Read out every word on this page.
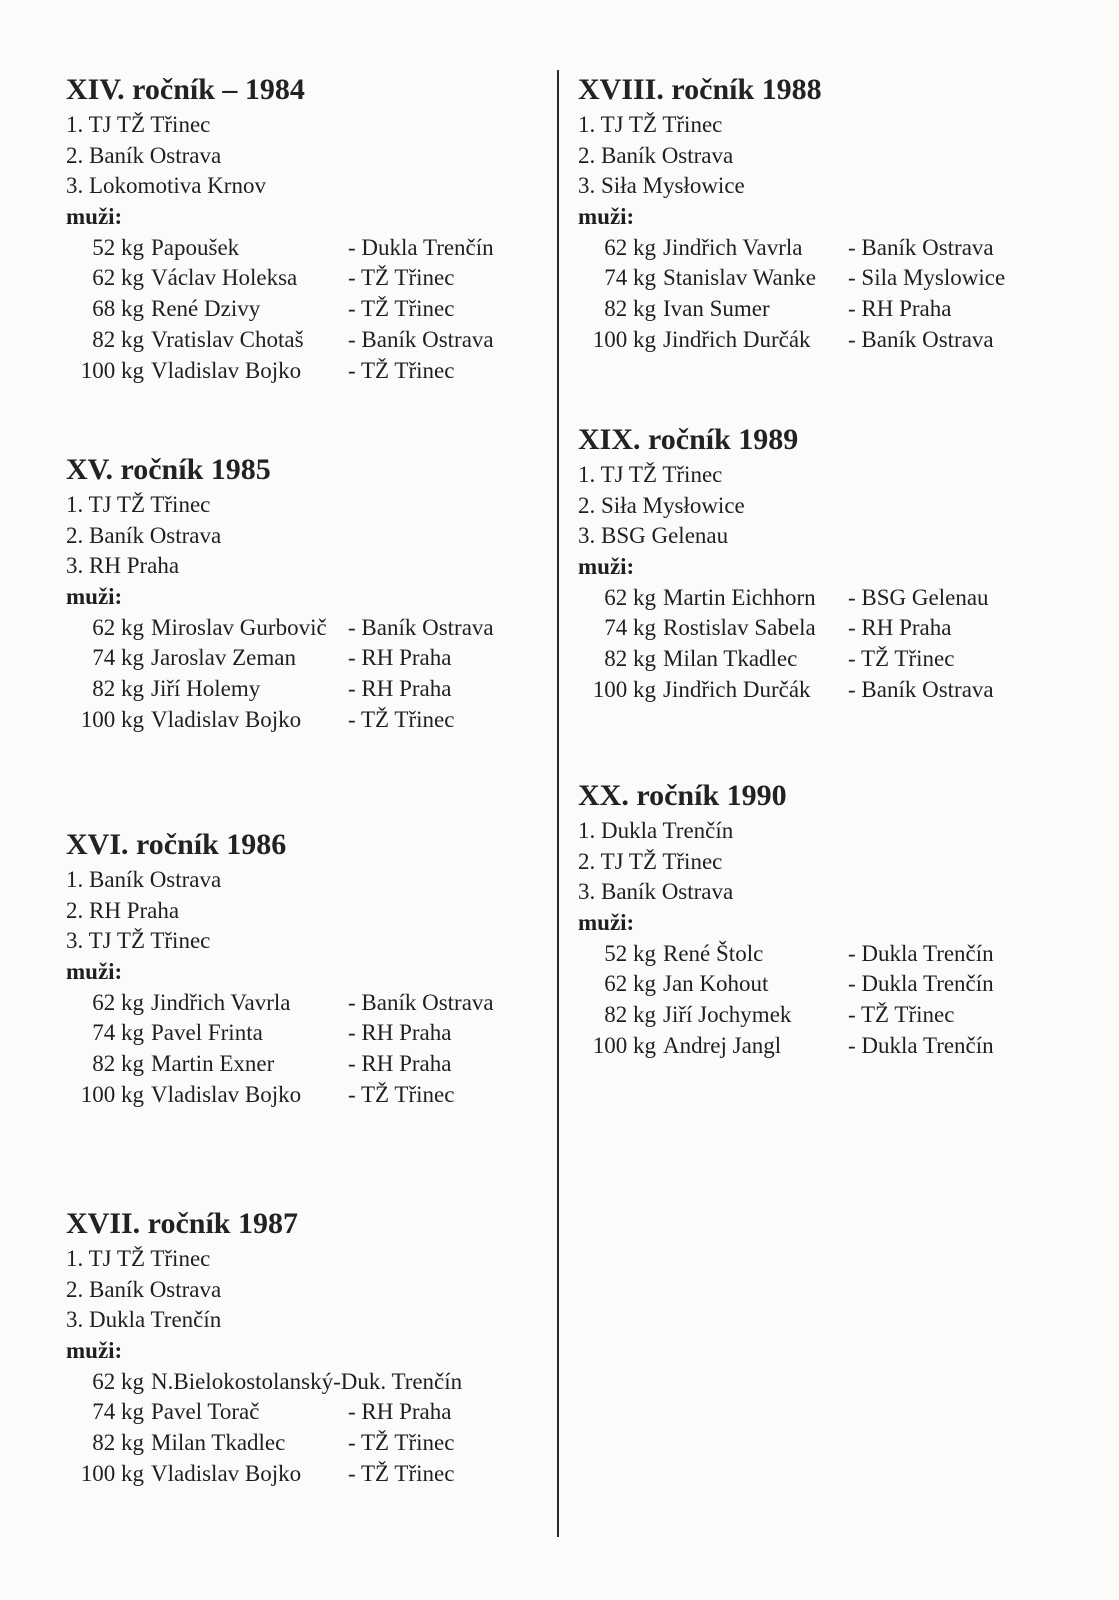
XIV. ročník – 1984
1. TJ TŽ Třinec
2. Baník Ostrava
3. Lokomotiva Krnov
muži:
52 kg Papoušek	- Dukla Trenčín
62 kg Václav Holeksa - TŽ Třinec
68 kg René Dzivy	- TŽ Třinec
82 kg Vratislav Chotaš - Baník Ostrava
100 kg Vladislav Bojko - TŽ Třinec
XV. ročník 1985
1. TJ TŽ Třinec
2. Baník Ostrava
3. RH Praha
muži:
62 kg Miroslav Gurbovič - Baník Ostrava
74 kg Jaroslav Zeman - RH Praha
82 kg Jiří Holemy	- RH Praha
100 kg Vladislav Bojko - TŽ Třinec
XVI. ročník 1986
1. Baník Ostrava
2. RH Praha
3. TJ TŽ Třinec
muži:
62 kg Jindřich Vavrla	- Baník Ostrava
74 kg Pavel Frinta	- RH Praha
82 kg Martin Exner	- RH Praha
100 kg Vladislav Bojko - TŽ Třinec
XVII. ročník 1987
1. TJ TŽ Třinec
2. Baník Ostrava
3. Dukla Trenčín
muži:
62 kg N.Bielokostolanský-Duk. Trenčín
74 kg Pavel Torač	- RH Praha
82 kg Milan Tkadlec	- TŽ Třinec
100 kg Vladislav Bojko - TŽ Třinec
XVIII. ročník 1988
1. TJ TŽ Třinec
2. Baník Ostrava
3. Siła Mysłowice
muži:
62 kg Jindřich Vavrla - Baník Ostrava
74 kg Stanislav Wanke - Sila Myslowice
82 kg Ivan Sumer	- RH Praha
100 kg Jindřich Durčák - Baník Ostrava
XIX. ročník 1989
1. TJ TŽ Třinec
2. Siła Mysłowice
3. BSG Gelenau
muži:
62 kg Martin Eichhorn - BSG Gelenau
74 kg Rostislav Sabela - RH Praha
82 kg Milan Tkadlec - TŽ Třinec
100 kg Jindřich Durčák - Baník Ostrava
XX. ročník 1990
1. Dukla Trenčín
2. TJ TŽ Třinec
3. Baník Ostrava
muži:
52 kg René Štolc	- Dukla Trenčín
62 kg Jan Kohout	- Dukla Trenčín
82 kg Jiří Jochymek - TŽ Třinec
100 kg Andrej Jangl	- Dukla Trenčín
